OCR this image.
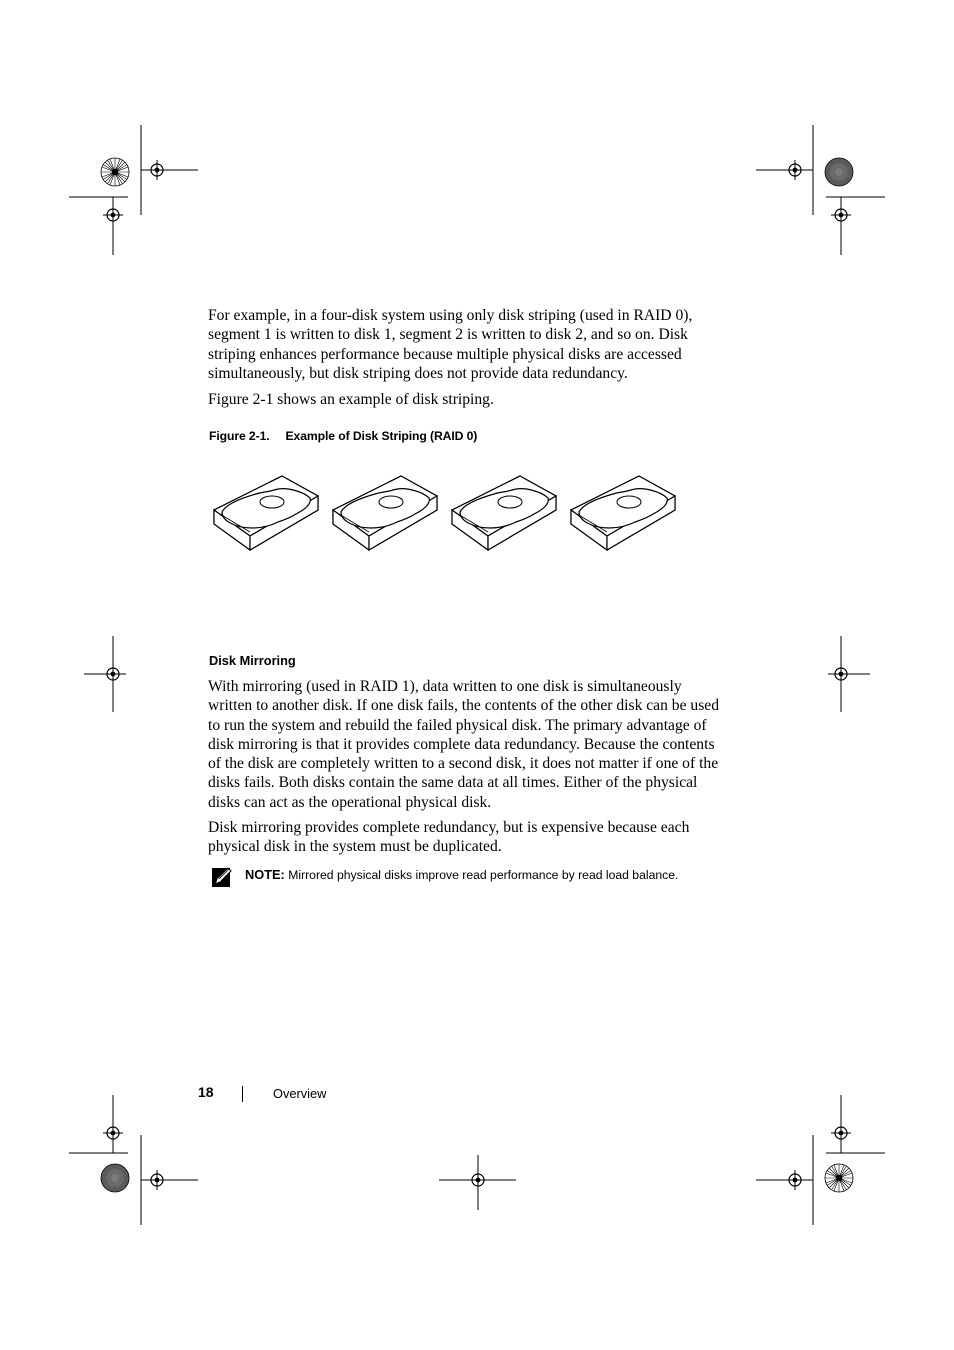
For example, in a four-disk system using only disk striping (used in RAID 0), segment 1 is written to disk 1, segment 2 is written to disk 2, and so on. Disk striping enhances performance because multiple physical disks are accessed simultaneously, but disk striping does not provide data redundancy.

Figure 2-1 shows an example of disk striping.

Figure 2-1. Example of Disk Striping (RAID 0)
Disk Mirroring

With mirroring (used in RAID 1), data written to one disk is simultaneously written to another disk. If one disk fails, the contents of the other disk can be used to run the system and rebuild the failed physical disk. The primary advantage of disk mirroring is that it provides complete data redundancy. Because the contents of the disk are completely written to a second disk, it does not matter if one of the disks fails. Both disks contain the same data at all times. Either of the physical disks can act as the operational physical disk.

Disk mirroring provides complete redundancy, but is expensive because each physical disk in the system must be duplicated.

NOTE: Mirrored physical disks improve read performance by read load balance.
18	Overview
